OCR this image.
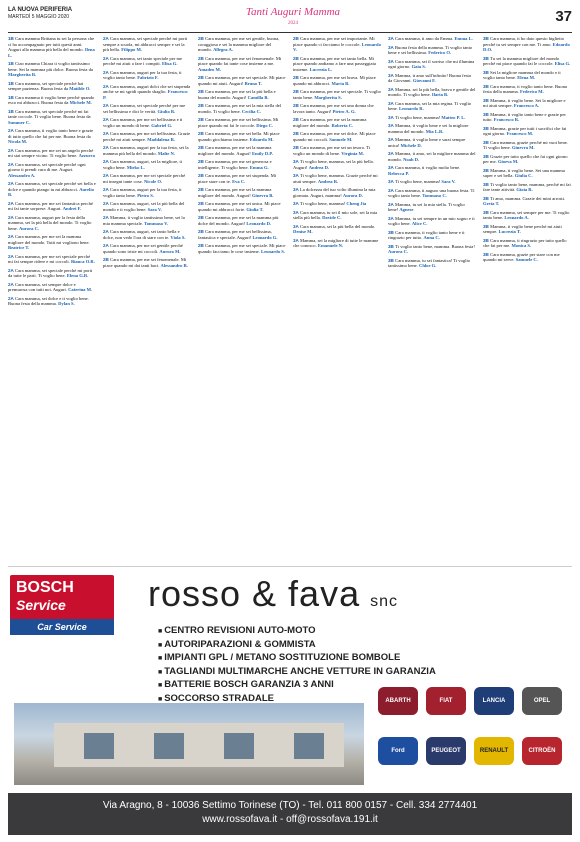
LA NUOVA PERIFERIA
MARTEDÌ 5 MAGGIO 2020	Tanti Auguri Mamma
2024	37

1B Cara mamma Brittana tu sei la persona che ci ha accompagnato per tutti questi anni. Auguri alla mamma più bella del mondo. Ilena L.

1B Ciao mamma Chiara ti voglio tantissimo bene. Sei la mamma più dolce. Buona festa da Margherita R.

1B Cara mamma, sei speciale perché hai sempre pazienza. Buona festa da Matilde O.

1B Cara mamma ti voglio bene perché quando esco mi abbracci. Buona festa da Michele M.

1B Cara mamma, sei speciale perché mi fai tante coccole. Ti voglio bene. Buona festa da Summer C.

2A Cara mamma, ti voglio tanto bene e grazie di tutto quello che fai per me. Buona festa da Nicola M.

2A Cara mamma, per me sei un angelo perché mi stai sempre vicino. Ti voglio bene. Azzurra

2A Cara mamma, sei speciale perché ogni giorno ti prendi cura di me. Auguri. Alessandro A.

2A Cara mamma, sei speciale perché sei bella e dolce e quando piango tu mi abbracci. Aurelio B.

2A Cara mamma, per me sei fantastica perché mi fai tante sorprese. Auguri. Andrei F.

2A Cara mamma, auguri per la festa della mamma, sei la più bella del mondo. Ti voglio bene. Aurora C.

2A Cara mamma, per me sei la mamma migliore del mondo. Tutti mi vogliono bene. Beatrice T.

2A Cara mamma, per me sei speciale perché mi fai sempre ridere e mi coccoli. Bianca O.R.

2A Cara mamma, sei speciale perché mi porti da tutte le parti. Ti voglio bene. Elena G.R.

2A Cara mamma, sei sempre dolce e premurosa con tutti noi. Auguri. Caterina M.

2A Cara mamma, sei dolce e ti voglio bene. Buona festa della mamma. Dylan S.

2A Cara mamma, sei speciale perché mi porti sempre a scuola, mi abbracci sempre e sei la più bella. Filippo M.

2A Cara mamma, sei tanto speciale per me perché mi aiuti a fare i compiti. Elisa G.

2A Cara mamma, auguri per la tua festa, ti voglio tanto bene. Fabrizio F.

2A Cara mamma, auguri dolci che sei stupenda anche se mi sgridi quando sbaglio. Francesco P.

2A Cara mamma, sei speciale perché per me sei bellissima e dici le verità. Giulio B.

2A Cara mamma, per me sei bellissima e ti voglio un mondo di bene. Gabriel G.

2A Cara mamma, per me sei bellissima. Grazie perché mi aiuti sempre. Maddalena R.

2A Cara mamma, auguri per la tua festa, sei la mamma più bella del mondo. Malte N.

2A Cara mamma, auguri, sei la migliore, ti voglio bene. Mirko L.

2A Cara mamma, per me sei speciale perché mi insegni tante cose. Nicole O.

2A Cara mamma, auguri per la tua festa, ti voglio tanto bene. Pietro S.

2A Cara mamma, auguri, sei la più bella del mondo e ti voglio bene. Sara V.

2A Mamma, ti voglio tantissimo bene, sei la mia mamma speciale. Tommaso V.

2A Cara mamma, auguri, sei tanto bella e dolce, non vedo l'ora di stare con te. Viola S.

2A Cara mamma, per me sei gentile perché quando sono triste mi coccoli. Aurora M.

2B Cara mamma, per me sei fenomenale. Mi piace quando mi dai tanti baci. Alessandro R.

2B Cara mamma, per me sei gentile, buona, coraggiosa e sei la mamma migliore del mondo. Allegra A.

2B Cara mamma, per me sei fenomenale. Mi piace quando fai tante cose insieme a me. Amadeo M.

2B Cara mamma, per me sei speciale. Mi piace quando mi aiuti. Auguri! Bruno T.

2B Cara mamma, per me sei la più bella e buona del mondo. Auguri! Camilla B.

2B Cara mamma, per me sei la mia stella del mondo. Ti voglio bene. Cecilia C.

2B Cara mamma, per me sei bellissima. Mi piace quando mi fai le coccole. Diego C.

2B Cara mamma, per me sei bella. Mi piace quando giochiamo insieme. Edoardo M.

2B Cara mamma, per me sei la mamma migliore del mondo. Auguri! Emily D.P.

2B Cara mamma, per me sei generosa e intelligente. Ti voglio bene. Emma G.

2B Cara mamma, per me sei stupenda. Mi piace stare con te. Eva C.

2B Cara mamma, per me sei la mamma migliore del mondo. Auguri! Ginevra B.

2B Cara mamma, per me sei unica. Mi piace quando mi abbracci forte. Giulia T.

2B Cara mamma, per me sei la mamma più dolce del mondo. Auguri! Leonardo D.

2B Cara mamma, per me sei bellissima, fantastica e speciale. Auguri! Leonardo G.

2B Cara mamma, per me sei speciale. Mi piace quando facciamo le cose insieme. Leonardo S.

2B Cara mamma, per me sei importante. Mi piace quando ci facciamo le coccole. Leonardo V.

2B Cara mamma, per me sei tanto bella. Mi piace quando andiamo a fare una passeggiata insieme. Lucrezia L.

2B Cara mamma, per me sei brava. Mi piace quando mi abbracci. Marta B.

2B Cara mamma, per me sei speciale. Ti voglio tanto bene. Margherita S.

2B Cara mamma, per me sei una donna che lavora tanto. Auguri! Pietro A. G.

2B Cara mamma, per me sei la mamma migliore del mondo. Roberta C.

2B Cara mamma, per me sei dolce. Mi piace quando mi coccoli. Samuele M.

2B Cara mamma, per me sei un tesoro. Ti voglio un mondo di bene. Virginia M.

3A Ti voglio bene, mamma, sei la più bella. Auguri! Andrea D.

3A Ti voglio bene, mamma. Grazie perché mi aiuti sempre. Andrea R.

3A La dolcezza del tuo volto illumina la mia giornata. Auguri, mamma! Aurora D.

3A Ti voglio bene, mamma! Cheng Jia

3A Cara mamma, tu sei il mio sole, sei la mia stella più bella. Davide C.

3A Cara mamma, sei la più bella del mondo. Denise M.

3A Mamma, sei la migliore di tutte le mamme che conosco. Emanuele N.

3A Cara mamma, ti amo da Emma. Emma L.

3A Buona festa della mamma. Ti voglio tanto bene e sei bellissima. Federico O.

3A Cara mamma, sei il sorriso che mi illumina ogni giorno. Gaia S.

3A Mamma, ti amo sull'infinito! Buona festa da Giovanni. Giovanni F.

3A Mamma, sei la più bella, brava e gentile del mondo. Ti voglio bene. Ilaria B.

3A Cara mamma, sei la mia regina. Ti voglio bene. Leonardo R.

3A Ti voglio bene, mamma! Matteo P. L.

3A Mamma, ti voglio bene e sei la migliore mamma del mondo. Mia L.R.

3A Mamma, ti voglio bene e sarai sempre unica! Michele D.

3A Mamma, ti amo, sei la migliore mamma del mondo. Noah D.

3A Cara mamma, ti voglio molto bene. Rebecca P.

3A Ti voglio bene, mamma! Sara V.

3A Cara mamma, ti auguro una buona festa. Ti voglio tanto bene. Tommaso C.

3A Mamma, tu sei la mia stella. Ti voglio bene! Agnese

3A Mamma, tu sei sempre in un mio sogno e ti voglio bene. Alice C.

3B Cara mamma, ti voglio tanto bene e ti ringrazio per tutto. Anna C.

3B Ti voglio tanto bene, mamma. Buona festa! Aurora C.

3B Cara mamma, tu sei fantastica! Ti voglio tantissimo bene. Chloe G.

3B Cara mamma, ti ho dato questo biglietto perché tu sei sempre con me. Ti amo. Edoardo D.O.

3B Tu sei la mamma migliore del mondo perché mi piace quando fai le coccole. Elisa G.

3B Sei la migliore mamma del mondo e ti voglio tanto bene. Elena M.

3B Cara mamma, ti voglio tanto bene. Buona festa della mamma. Federico M.

3B Mamma, ti voglio bene. Sei la migliore e mi aiuti sempre. Francesco A.

3B Mamma, ti voglio tanto bene e grazie per tutto. Francesco R.

3B Mamma, grazie per tutti i sacrifici che fai ogni giorno. Francesco M.

3B Cara mamma, grazie perché mi vuoi bene. Ti voglio bene. Ginevra M.

3B Grazie per tutto quello che fai ogni giorno per me. Gioeva M.

3B Mamma, ti voglio bene. Sei una mamma super e sei bella. Giulia C.

3B Ti voglio tanto bene, mamma, perché mi fai fare tante attività. Gioia R.

3B Ti amo, mamma. Grazie dei mini arrosti. Greta T.

3B Cara mamma, sei sempre per me. Ti voglio tanto bene. Leonardo A.

3B Mamma, ti voglio bene perché mi aiuti sempre. Lucrezia T.

3B Cara mamma, ti ringrazio per tutto quello che fai per me. Monica S.

3B Cara mamma, grazie per stare con me quando mi serve. Samuele C.

BOSCH
Service
Car Service
rosso & fava snc
■ CENTRO REVISIONI AUTO-MOTO
■ AUTORIPARAZIONI & GOMMISTA
■ IMPIANTI GPL / METANO SOSTITUZIONE BOMBOLE
■ TAGLIANDI MULTIMARCHE ANCHE VETTURE IN GARANZIA
■ BATTERIE BOSCH GARANZIA 3 ANNI
■ SOCCORSO STRADALE	ABARTH	FIAT	LANCIA	OPEL
Ford	PEUGEOT	RENAULT	CITROËN
Via Aragno, 8 - 10036 Settimo Torinese (TO) - Tel. 011 800 0157 - Cell. 334 2774401
www.rossofava.it - off@rossofava.191.it
